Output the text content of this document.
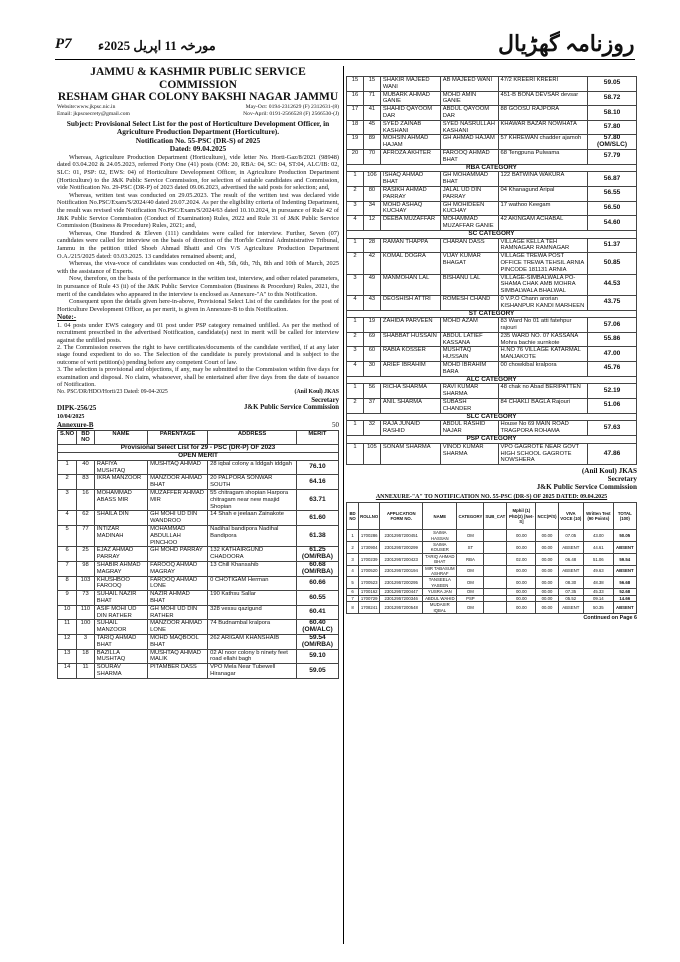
P7 مورخہ 11 اپریل 2025ء	روزنامہ گھڑیال
JAMMU & KASHMIR PUBLIC SERVICE COMMISSION
RESHAM GHAR COLONY BAKSHI NAGAR JAMMU
Website:www.jkpsc.nic.in	May-Oct: 0194-2312629 (F) 2312631-(8)
Email: jkpscsecrety@gmail.com	Nov-April: 0191-2566528 (F) 2566530-(J)
Subject: Provisional Select List for the post of Horticulture Development Officer, in Agriculture Production Department (Horticulture).
Notification No. 55-PSC (DR-S) of 2025
Dated: 09.04.2025
Whereas, Agriculture Production Department (Horticulture), vide letter No. Horti-Gaz/8/2021 (98948) dated 03.04.202 & 24.05.2023, referred Forty One (41) posts (OM: 20, RBA: 04, SC: 04, ST:04, ALC/IB: 02, SLC: 01, PSP: 02, EWS: 04) of Horticulture Development Officer, in Agriculture Production Department (Horticulture) to the J&K Public Service Commission, for selection of suitable candidates and Commission, vide Notification No. 29-PSC (DR-P) of 2023 dated 09.06.2023, advertised the said posts for selection; and,
Whereas, written test was conducted on 29.05.2023. The result of the written test was declared vide Notification No.PSC/Exam/S/2024/40 dated 29.07.2024. As per the eligibility criteria of Indenting Department, the result was revised vide Notification No.PSC/Exam/S/2024/63 dated 10.10.2024, in pursuance of Rule 42 of J&K Public Service Commission (Conduct of Examination) Rules, 2022 and Rule 31 of J&K Public Service Commission (Business & Procedure) Rules, 2021; and,
Whereas, One Hundred & Eleven (111) candidates were called for interview. Further, Seven (07) candidates were called for interview on the basis of direction of the Hon'ble Central Administrative Tribunal, Jammu in the petition titled Shoeb Ahmad Bhatti and Ors V/S Agriculture Production Department O.A./215/2025 dated: 03.03.2025. 13 candidates remained absent; and,
Whereas, the viva-voce of candidates was conducted on 4th, 5th, 6th, 7th, 8th and 10th of March, 2025 with the assistance of Experts.
Now, therefore, on the basis of the performance in the written test, interview, and other related parameters, in pursuance of Rule 43 (ii) of the J&K Public Service Commission (Business & Procedure) Rules, 2021, the merit of the candidates who appeared in the interview is enclosed as Annexure-"A" to this Notification.
Consequent upon the details given here-in-above, Provisional Select List of the candidates for the post of Horticulture Development Officer, as per merit, is given in Annexure-B to this Notification.
Note:-
1. 04 posts under EWS category and 01 post under PSP category remained unfilled. As per the method of recruitment prescribed in the advertised Notification, candidate(s) next in merit will be called for interview against the unfilled posts.
2. The Commission reserves the right to have certificates/documents of the candidate verified, if at any later stage found expedient to do so. The Selection of the candidate is purely provisional and is subject to the outcome of writ petition(s) pending before any competent Court of law.
3. The selection is provisional and objections, if any, may be submitted to the Commission within five days for examination and disposal. No claim, whatsoever, shall be entertained after five days from the date of issuance of Notification.
No. PSC/DR/HDO/Horti/23 Dated: 09-04-2025	(Anil Koul) JKAS
Secretary
DIPK-256/25	J&K Public Service Commission
10/04/2025
Annexure-B	50
S.NO	BD NO	NAME	PARENTAGE	ADDRESS	MERIT
Provisional Select List for 29 - PSC (DR-P) OF 2023					
OPEN MERIT					
1	40	RAFIYA MUSHTAQ	MUSHTAQ AHMAD	28 iqbal colony a Iddgah iddgah	76.10
2	83	IKRA MANZOOR	MANZOOR AHMAD BHAT	20 PALPORA SONWAR SOUTH	64.16
3	16	MOHAMMAD ABASS MIR	MUZAFFER AHMAD MIR	55 chitragam shopian Harpora chitragam near new masjid Shopian	63.71
4	62	SHAILA DIN	GH MOHI UD DIN WANDROO	14 Shah e jeelaan Zainakote	61.60
5	77	INTIZAR MADINAH	MOHAMMAD ABDULLAH PINCHOO	Nadihal bandipora Nadihal Bandipora	61.38
6	25	EJAZ AHMAD PARRAY	GH MOHD PARRAY	132 KATHAIRGUND CHADOORA	61.25 (OM/RBA)
7	98	SHABIR AHMAD MAGRAY	FAROOQ AHMAD MAGRAY	13 Chill Khansahib	60.68 (OM/RBA)
8	103	KHUSHBOO FAROOQ	FAROOQ AHMAD LONE	0 CHOTIGAM Herman	60.66
9	73	SUHAIL NAZIR BHAT	NAZIR AHMAD BHAT	190 Kathsu Sallar	60.55
10	110	ASIF MOHI UD DIN RATHER	GH MOHI UD DIN RATHER	328 vessu qazigund	60.41
11	100	SUHAIL MANZOOR	MANZOOR AHMAD LONE	74 Budnambal kralpora	60.40 (OM/ALC)
12	3	TARIQ AHMAD BHAT	MOHD MAQBOOL BHAT	262 ARIGAM KHANSHAIB	59.54 (OM/RBA)
13	18	BAZILLA MUSHTAQ	MUSHTAQ AHMAD MALIK	02 Al noor colony b ninety feet road ellahi bagh	59.10
14	11	SOURAV SHARMA	PITAMBER DASS	VPO Mela Near Tubewell Hiranagar	59.05
15	15	SHAKIR MAJEED WANI	AB MAJEED WANI	47/2 KREERI KREERI	59.05
16	71	MUBARK AHMAD GANIE	MOHD AMIN GANIE	451-B BONA DEVSAR devsar	58.72
17	41	SHAHID QAYOOM DAR	ABDUL QAYOOM DAR	88 GOOSU RAJPORA	58.10
18	45	SYED ZAINAB KASHANI	SYED NASRULLAH KASHANI	KHAWAR BAZAR NOWHATA	57.80
19	89	MOHSIN AHMAD HAJAM	GH AHMAD HAJAM	57 KHREWAN chadder ajamoh	57.80 (OM/SLC)
20	70	AFROZA AKHTER	FAROOQ AHMAD BHAT	68 Tengpuna Pulwama	57.79
RBA CATEGORY					
1	106	ISHAQ AHMAD BHAT	GH MOHAMMAD BHAT	122 BATWINA WAKURA	56.87
2	80	RASIKH AHMAD PARRAY	JALAL UD DIN PARRAY	04 Khanagund Aripal	56.55
3	34	MOHD ASHAQ KUCHAY	GH MOHIDEEN KUCHAY	17 wathoo Keegam	56.50
4	12	DEEBA MUZAFFAR	MOHAMMAD MUZAFFAR GANIE	42 AKINGAM ACHABAL	54.60
SC CATEGORY					
1	28	RAMAN THAPPA	CHARAN DASS	VILLAGE KELLA TEH RAMNAGAR RAMNAGAR	51.37
2	42	KOMAL DOGRA	VIJAY KUMAR BHAGAT	VILLAGE TREWA POST OFFICE TREWA TEHSIL ARNIA PINCODE 181131 ARNIA	50.85
3	49	MANMOHAN LAL	BISHANU LAL	VILLAGE-SIMBALWALA PO-SHAMA CHAK AMB MOHRA SIMBALWALA BHALWAL	44.53
4	43	DEOSHISH ATTRI	ROMESH CHAND	0 V.P.O Chann arorian KISHANPUR KANDI MARHEEN	43.75
ST CATEGORY					
1	19	ZAHIDA PARVEEN	MOHD AZAM	83 Ward No 01 atti fatehpur rajouri	57.06
2	69	SHABBAT HUSSAIN	ABDUL LATIEF KASSANA	235 WARD NO. 07 KASSANA Mohra bachie surnkote	55.86
3	60	RABIA KOSSER	MUSHTAQ HUSSAIN	H.NO 76 VILLAGE KATARMAL MANJAKOTE	47.00
4	30	ARIEF IBRAHIM	MOHD IBRAHIM BARA	00 chowkibal kralpora	45.76
ALC CATEGORY					
1	56	RICHA SHARMA	RAVI KUMAR SHARMA	48 chak no Abad BERIPATTEN	52.19
2	37	ANIL SHARMA	SUBASH CHANDER	84 CHAKLI BAGLA Rajouri	51.06
SLC CATEGORY					
1	32	RAJA JUNAID RASHID	ABDUL RASHID NAJAR	House No 69 MAIN ROAD TRAGPORA ROHAMA	57.63
PSP CATEGORY					
1	105	SONAM SHARMA	VINOD KUMAR SHARMA	VPO GAGROTE NEAR GOVT HIGH SCHOOL GAGROTE NOWSHERA	47.86
(Anil Koul) JKAS
Secretary
J&K Public Service Commission
ANNEXURE-"A" TO NOTIFICATION NO. 55-PSC (DR-S) OF 2025 DATED: 09.04.2025
BD NO	ROLLNO	APPLICATION FORM NO.	NAME	CATEGORY	SUB_CAT	Mphil (1) PhD(2) [Net-S]	NCC(P/S)	VIVA VOCE (10)	Written Test (90 Points)	TOTAL (100)
1	1700286	23012957200451	SAIMA HASSAN	OM		00.00	00.00	07.05	43.00	50.05
2	1730904	23012957200299	SAIMA KOUSER	ST		00.00	00.00	ABSENT	44.61	ABSENT
3	1700239	23012957200423	TARIQ AHMAD BHAT	RBA		02.00	00.00	06.48	51.06	59.54
4	1700520	23012957200194	MIR TABASUM ASHRAF	OM		00.00	00.00	ABSENT	49.63	ABSENT
5	1700523	23012957200295	TANSEELA YASEEN	OM		00.00	00.00	08.30	48.38	56.68
6	1700162	23012957200447	YUSRA JAN	OM		00.00	00.00	07.35	45.33	52.68
7	1700729	23012957200346	ABDUL WAHID	PSP		00.00	00.00	05.52	09.14	14.66
8	1708241	23012957200548	MUDASIR IQBAL	OM		00.00	00.00	ABSENT	50.35	ABSENT
Continued on Page 6
